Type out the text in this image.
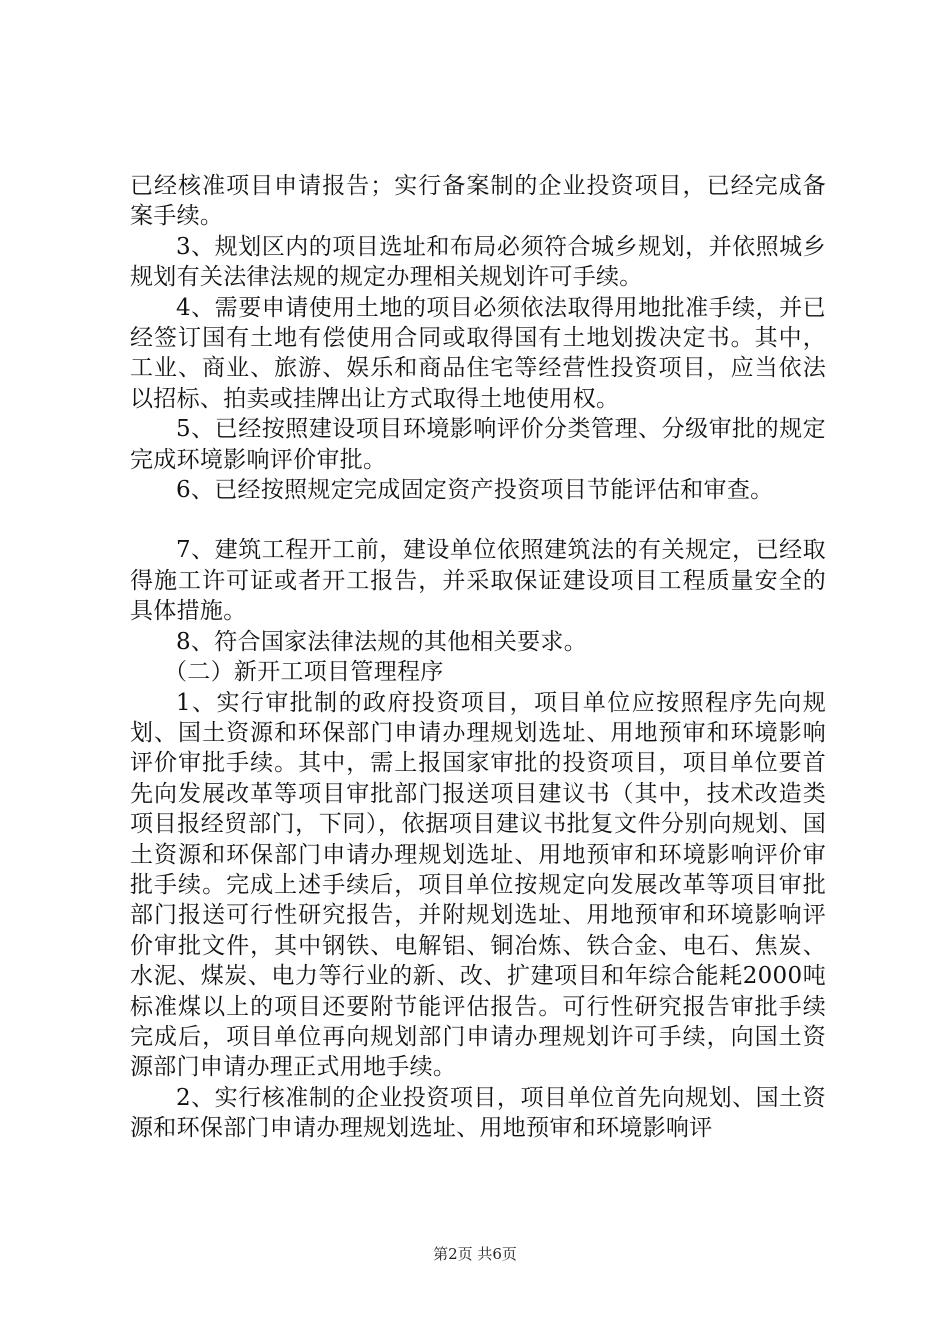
已经核准项目申请报告；实行备案制的企业投资项目，已经完成备案手续。

3、规划区内的项目选址和布局必须符合城乡规划，并依照城乡规划有关法律法规的规定办理相关规划许可手续。

4、需要申请使用土地的项目必须依法取得用地批准手续，并已经签订国有土地有偿使用合同或取得国有土地划拨决定书。其中，工业、商业、旅游、娱乐和商品住宅等经营性投资项目，应当依法以招标、拍卖或挂牌出让方式取得土地使用权。

5、已经按照建设项目环境影响评价分类管理、分级审批的规定完成环境影响评价审批。

6、已经按照规定完成固定资产投资项目节能评估和审查。

7、建筑工程开工前，建设单位依照建筑法的有关规定，已经取得施工许可证或者开工报告，并采取保证建设项目工程质量安全的具体措施。

8、符合国家法律法规的其他相关要求。

（二）新开工项目管理程序

1、实行审批制的政府投资项目，项目单位应按照程序先向规划、国土资源和环保部门申请办理规划选址、用地预审和环境影响评价审批手续。其中，需上报国家审批的投资项目，项目单位要首先向发展改革等项目审批部门报送项目建议书（其中，技术改造类项目报经贸部门，下同），依据项目建议书批复文件分别向规划、国土资源和环保部门申请办理规划选址、用地预审和环境影响评价审批手续。完成上述手续后，项目单位按规定向发展改革等项目审批部门报送可行性研究报告，并附规划选址、用地预审和环境影响评价审批文件，其中钢铁、电解铝、铜冶炼、铁合金、电石、焦炭、水泥、煤炭、电力等行业的新、改、扩建项目和年综合能耗2000吨标准煤以上的项目还要附节能评估报告。可行性研究报告审批手续完成后，项目单位再向规划部门申请办理规划许可手续，向国土资源部门申请办理正式用地手续。

2、实行核准制的企业投资项目，项目单位首先向规划、国土资源和环保部门申请办理规划选址、用地预审和环境影响评

第2页 共6页
